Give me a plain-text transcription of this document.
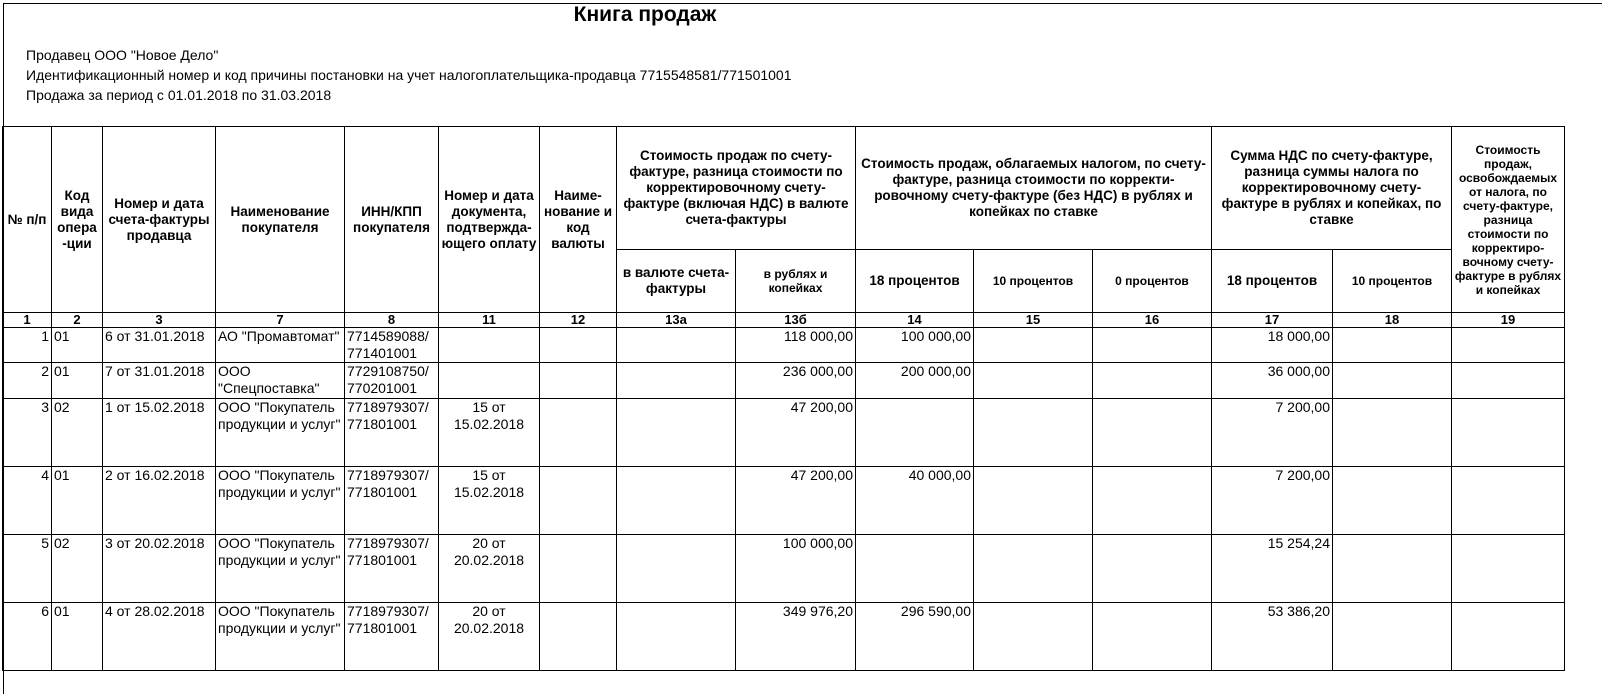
Книга продаж
Продавец ООО "Новое Дело"
Идентификационный номер и код причины постановки на учет налогоплательщика-продавца 7715548581/771501001
Продажа за период с 01.01.2018 по 31.03.2018
№ п/п	Код вида опера -ции	Номер и дата счета-фактуры продавца	Наименование покупателя	ИНН/КПП покупателя	Номер и дата документа, подтвержда-ющего оплату	Наиме-нование и код валюты	Стоимость продаж по счету-фактуре, разница стоимости по корректировочному счету-фактуре (включая НДС) в валюте счета-фактуры		Стоимость продаж, облагаемых налогом, по счету-фактуре, разница стоимости по корректи-ровочному счету-фактуре (без НДС) в рублях и копейках по ставке			Сумма НДС по счету-фактуре, разница суммы налога по корректировочному счету-фактуре в рублях и копейках, по ставке		Стоимость продаж, освобождаемых от налога, по счету-фактуре, разница стоимости по корректиро-вочному счету-фактуре в рублях и копейках
							в валюте счета-фактуры	в рублях и копейках	18 процентов	10 процентов	0 процентов	18 процентов	10 процентов	
1	2	3	7	8	11	12	13а	13б	14	15	16	17	18	19
1	01	6 от 31.01.2018	АО "Промавтомат"	7714589088/ 771401001				118 000,00	100 000,00			18 000,00		
2	01	7 от 31.01.2018	ООО "Спецпоставка"	7729108750/ 770201001				236 000,00	200 000,00			36 000,00		
3	02	1 от 15.02.2018	ООО "Покупатель продукции и услуг"	7718979307/ 771801001	15 от 15.02.2018			47 200,00				7 200,00		
4	01	2 от 16.02.2018	ООО "Покупатель продукции и услуг"	7718979307/ 771801001	15 от 15.02.2018			47 200,00	40 000,00			7 200,00		
5	02	3 от 20.02.2018	ООО "Покупатель продукции и услуг"	7718979307/ 771801001	20 от 20.02.2018			100 000,00				15 254,24		
6	01	4 от 28.02.2018	ООО "Покупатель продукции и услуг"	7718979307/ 771801001	20 от 20.02.2018			349 976,20	296 590,00			53 386,20		
